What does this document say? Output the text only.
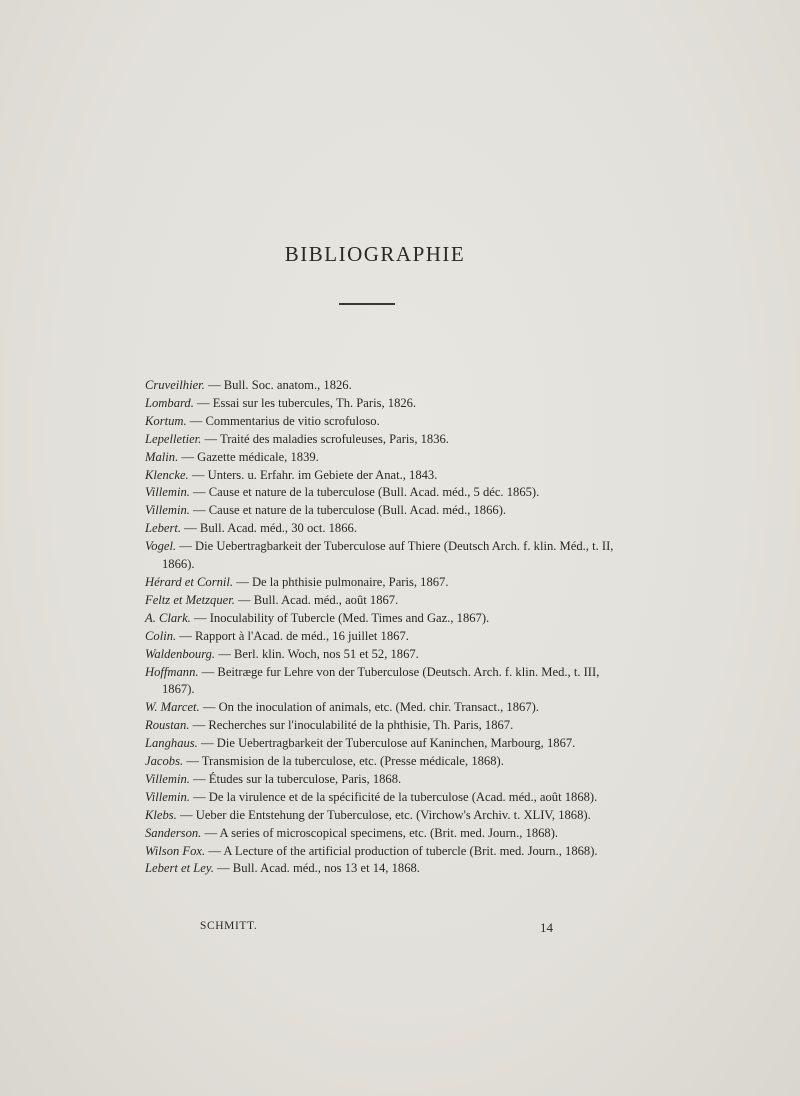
BIBLIOGRAPHIE
Cruveilhier. — Bull. Soc. anatom., 1826.
Lombard. — Essai sur les tubercules, Th. Paris, 1826.
Kortum. — Commentarius de vitio scrofuloso.
Lepelletier. — Traité des maladies scrofuleuses, Paris, 1836.
Malin. — Gazette médicale, 1839.
Klencke. — Unters. u. Erfahr. im Gebiete der Anat., 1843.
Villemin. — Cause et nature de la tuberculose (Bull. Acad. méd., 5 déc. 1865).
Villemin. — Cause et nature de la tuberculose (Bull. Acad. méd., 1866).
Lebert. — Bull. Acad. méd., 30 oct. 1866.
Vogel. — Die Uebertragbarkeit der Tuberculose auf Thiere (Deutsch Arch. f. klin. Méd., t. II, 1866).
Hérard et Cornil. — De la phthisie pulmonaire, Paris, 1867.
Feltz et Metzquer. — Bull. Acad. méd., août 1867.
A. Clark. — Inoculability of Tubercle (Med. Times and Gaz., 1867).
Colin. — Rapport à l'Acad. de méd., 16 juillet 1867.
Waldenbourg. — Berl. klin. Woch, nos 51 et 52, 1867.
Hoffmann. — Beitræge fur Lehre von der Tuberculose (Deutsch. Arch. f. klin. Med., t. III, 1867).
W. Marcet. — On the inoculation of animals, etc. (Med. chir. Transact., 1867).
Roustan. — Recherches sur l'inoculabilité de la phthisie, Th. Paris, 1867.
Langhaus. — Die Uebertragbarkeit der Tuberculose auf Kaninchen, Marbourg, 1867.
Jacobs. — Transmision de la tuberculose, etc. (Presse médicale, 1868).
Villemin. — Études sur la tuberculose, Paris, 1868.
Villemin. — De la virulence et de la spécificité de la tuberculose (Acad. méd., août 1868).
Klebs. — Ueber die Entstehung der Tuberculose, etc. (Virchow's Archiv. t. XLIV, 1868).
Sanderson. — A series of microscopical specimens, etc. (Brit. med. Journ., 1868).
Wilson Fox. — A Lecture of the artificial production of tubercle (Brit. med. Journ., 1868).
Lebert et Ley. — Bull. Acad. méd., nos 13 et 14, 1868.
SCHMITT.	14
